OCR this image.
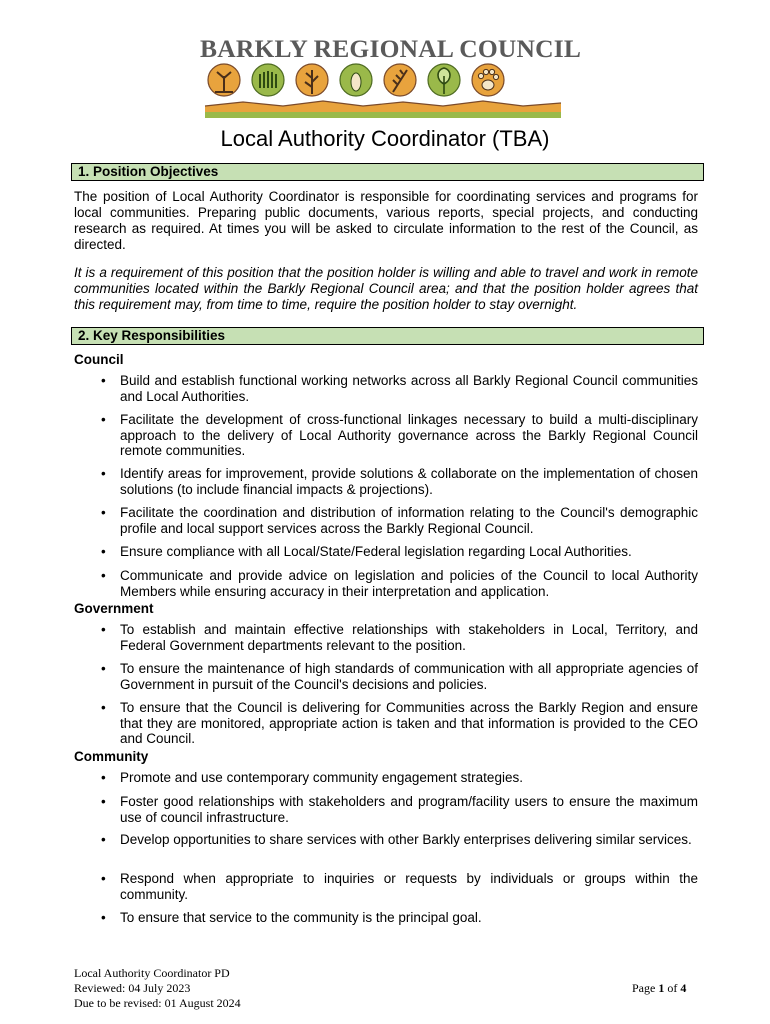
BARKLY REGIONAL COUNCIL
Local Authority Coordinator (TBA)
1. Position Objectives

The position of Local Authority Coordinator is responsible for coordinating services and programs for local communities. Preparing public documents, various reports, special projects, and conducting research as required. At times you will be asked to circulate information to the rest of the Council, as directed.

It is a requirement of this position that the position holder is willing and able to travel and work in remote communities located within the Barkly Regional Council area; and that the position holder agrees that this requirement may, from time to time, require the position holder to stay overnight.

2. Key Responsibilities
Council
• Build and establish functional working networks across all Barkly Regional Council communities and Local Authorities.
• Facilitate the development of cross-functional linkages necessary to build a multi-disciplinary approach to the delivery of Local Authority governance across the Barkly Regional Council remote communities.
• Identify areas for improvement, provide solutions & collaborate on the implementation of chosen solutions (to include financial impacts & projections).
• Facilitate the coordination and distribution of information relating to the Council's demographic profile and local support services across the Barkly Regional Council.
• Ensure compliance with all Local/State/Federal legislation regarding Local Authorities.
• Communicate and provide advice on legislation and policies of the Council to local Authority Members while ensuring accuracy in their interpretation and application.
Government
• To establish and maintain effective relationships with stakeholders in Local, Territory, and Federal Government departments relevant to the position.
• To ensure the maintenance of high standards of communication with all appropriate agencies of Government in pursuit of the Council's decisions and policies.
• To ensure that the Council is delivering for Communities across the Barkly Region and ensure that they are monitored, appropriate action is taken and that information is provided to the CEO and Council.
Community
• Promote and use contemporary community engagement strategies.
• Foster good relationships with stakeholders and program/facility users to ensure the maximum use of council infrastructure.
• Develop opportunities to share services with other Barkly enterprises delivering similar services.
• Respond when appropriate to inquiries or requests by individuals or groups within the community.
• To ensure that service to the community is the principal goal.
Local Authority Coordinator PD
Reviewed: 04 July 2023
Due to be revised: 01 August 2024
Page 1 of 4
